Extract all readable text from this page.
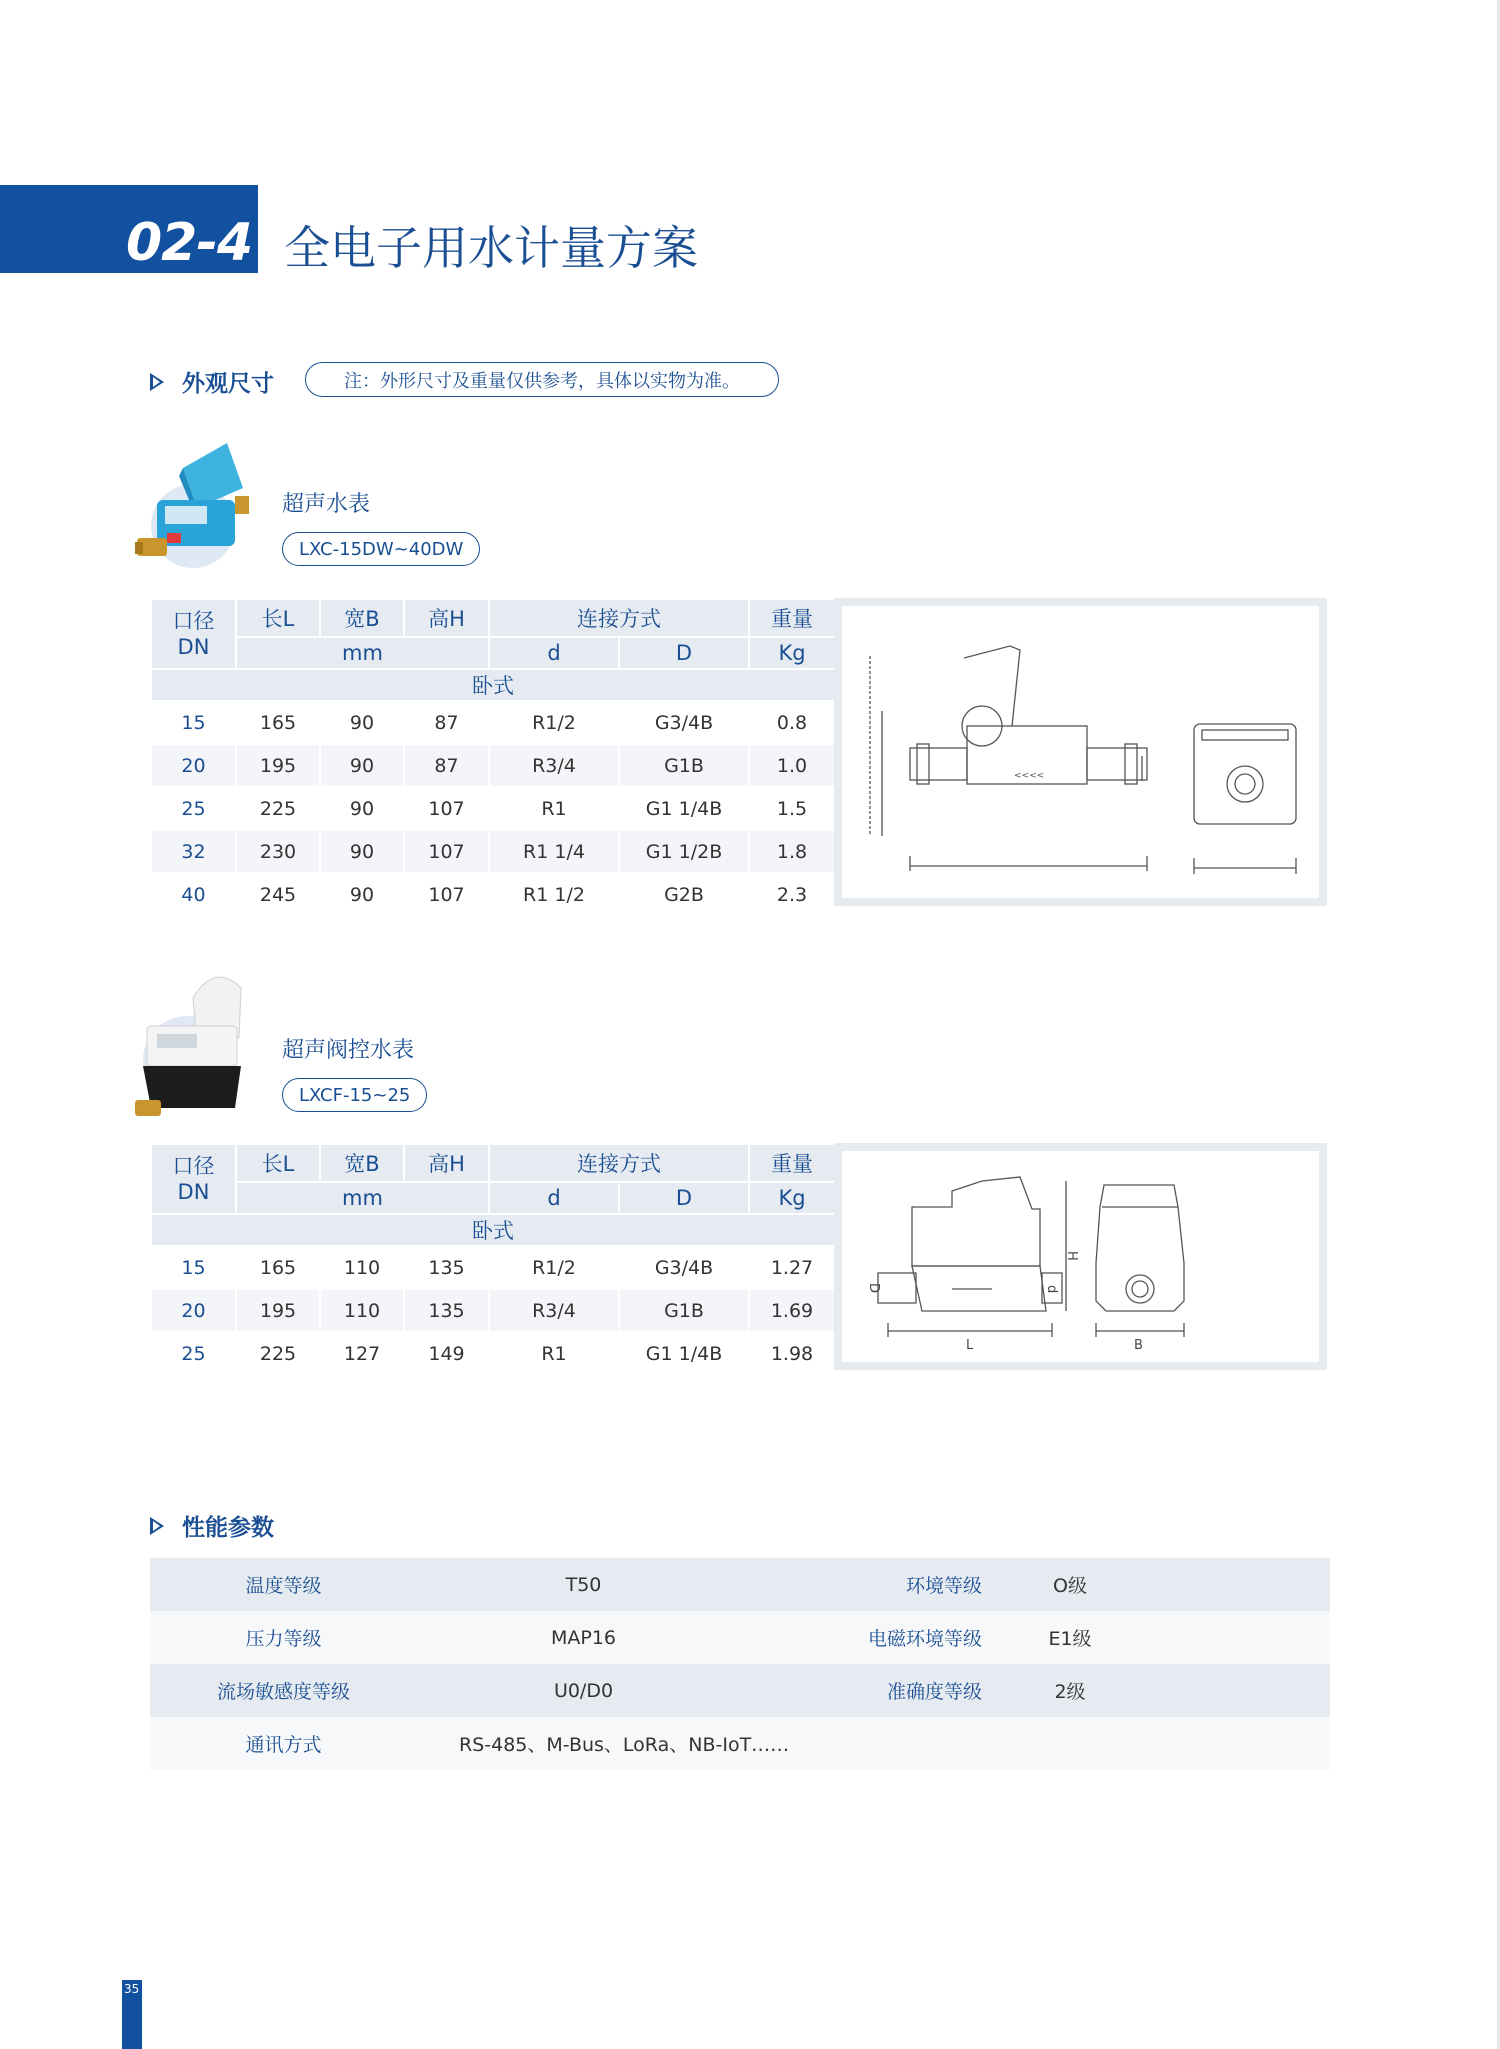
02-4 全电子用水计量方案
外观尺寸	注：外形尺寸及重量仅供参考，具体以实物为准。
超声水表
LXC-15DW~40DW
口径
DN	长L	宽B	高H	连接方式		重量
	mm			d	D	Kg
卧式						
15	165	90	87	R1/2	G3/4B	0.8
20	195	90	87	R3/4	G1B	1.0
25	225	90	107	R1	G1 1/4B	1.5
32	230	90	107	R1 1/4	G1 1/2B	1.8
40	245	90	107	R1 1/2	G2B	2.3
<<<<
超声阀控水表
LXCF-15~25
口径
DN	长L	宽B	高H	连接方式		重量
	mm			d	D	Kg
卧式						
15	165	110	135	R1/2	G3/4B	1.27
20	195	110	135	R3/4	G1B	1.69
25	225	127	149	R1	G1 1/4B	1.98	L	B
H
D	d
性能参数
温度等级	T50	环境等级	O级	
压力等级	MAP16	电磁环境等级	E1级	
流场敏感度等级	U0/D0	准确度等级	2级	
通讯方式	RS-485、M-Bus、LoRa、NB-IoT……			
35
